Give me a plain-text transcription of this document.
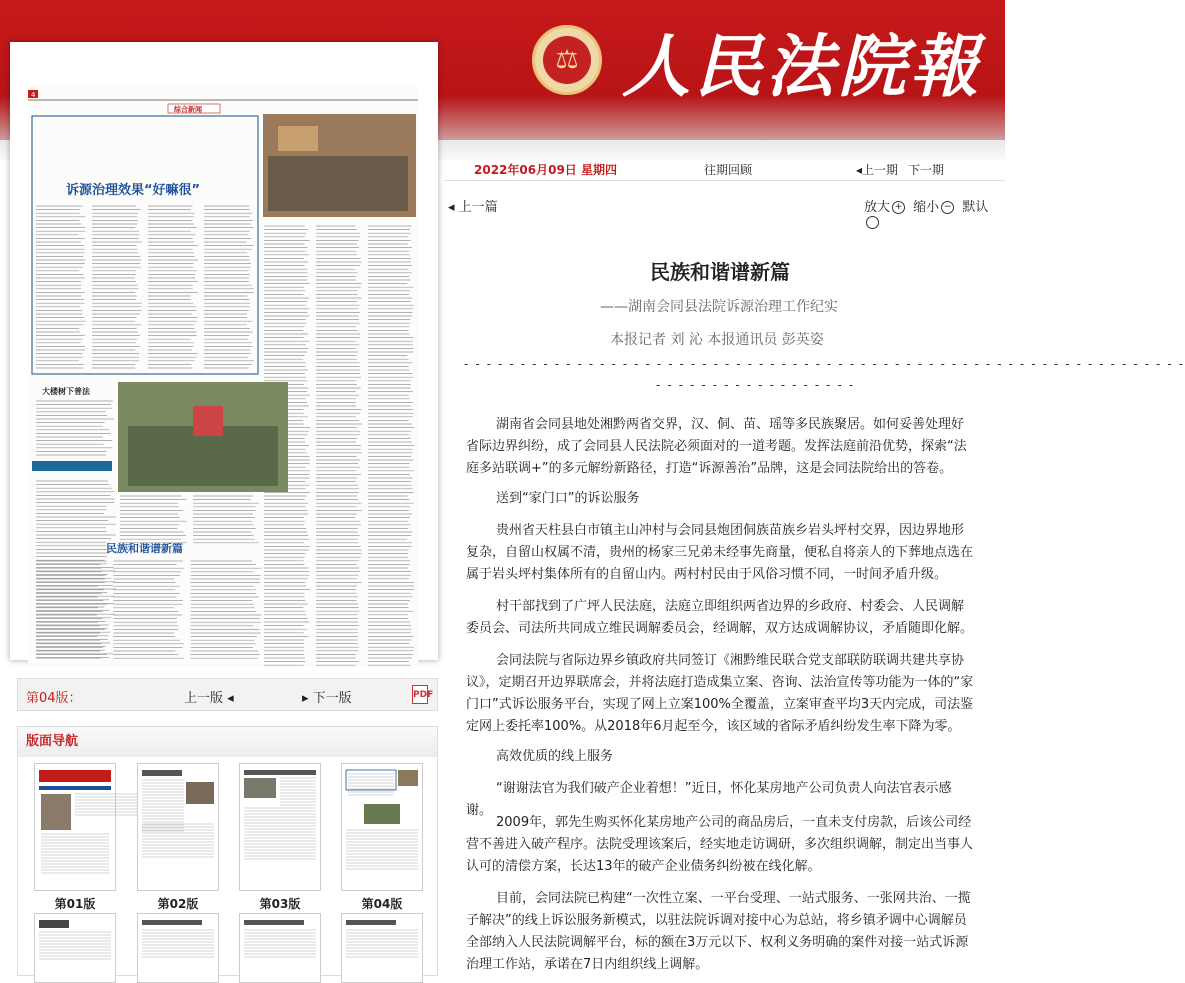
⚖ 人民法院報
4
综合新闻
诉源治理效果“好嘛很”
大楼树下普法
民族和谐谱新篇
第04版：	上一版 ◂	▸ 下一版	PDF
版面导航
第01版	第02版	第03版	第04版
2022年06月09日 星期四	往期回顾	◂上一期 下一期
◂ 上一篇	放大 + 缩小 − 默认
民族和谐谱新篇
——湖南会同县法院诉源治理工作纪实
本报记者 刘 沁 本报通讯员 彭英姿
- - - - - - - - - - - - - - - - - - - - - - - - - - - - - - - - - - - - - - - - - - - - - - - - - - - - - - - - - - - - - - - -
- - - - - - - - - - - - - - - - - -
湖南省会同县地处湘黔两省交界，汉、侗、苗、瑶等多民族聚居。如何妥善处理好省际边界纠纷，成了会同县人民法院必须面对的一道考题。发挥法庭前沿优势，探索“法庭多站联调+”的多元解纷新路径，打造“诉源善治”品牌，这是会同法院给出的答卷。
送到“家门口”的诉讼服务
贵州省天柱县白市镇主山冲村与会同县炮团侗族苗族乡岩头坪村交界，因边界地形复杂，自留山权属不清，贵州的杨家三兄弟未经事先商量，便私自将亲人的下葬地点选在属于岩头坪村集体所有的自留山内。两村村民由于风俗习惯不同，一时间矛盾升级。
村干部找到了广坪人民法庭，法庭立即组织两省边界的乡政府、村委会、人民调解委员会、司法所共同成立维民调解委员会，经调解，双方达成调解协议，矛盾随即化解。
会同法院与省际边界乡镇政府共同签订《湘黔维民联合党支部联防联调共建共享协议》，定期召开边界联席会，并将法庭打造成集立案、咨询、法治宣传等功能为一体的“家门口”式诉讼服务平台，实现了网上立案100%全覆盖，立案审查平均3天内完成，司法鉴定网上委托率100%。从2018年6月起至今，该区域的省际矛盾纠纷发生率下降为零。
高效优质的线上服务
“谢谢法官为我们破产企业着想！”近日，怀化某房地产公司负责人向法官表示感谢。
2009年，郭先生购买怀化某房地产公司的商品房后，一直未支付房款，后该公司经营不善进入破产程序。法院受理该案后，经实地走访调研，多次组织调解，制定出当事人认可的清偿方案，长达13年的破产企业债务纠纷被在线化解。
目前，会同法院已构建“一次性立案、一平台受理、一站式服务、一张网共治、一揽子解决”的线上诉讼服务新模式，以驻法院诉调对接中心为总站，将乡镇矛调中心调解员全部纳入人民法院调解平台，标的额在3万元以下、权利义务明确的案件对接一站式诉源治理工作站，承诺在7日内组织线上调解。
